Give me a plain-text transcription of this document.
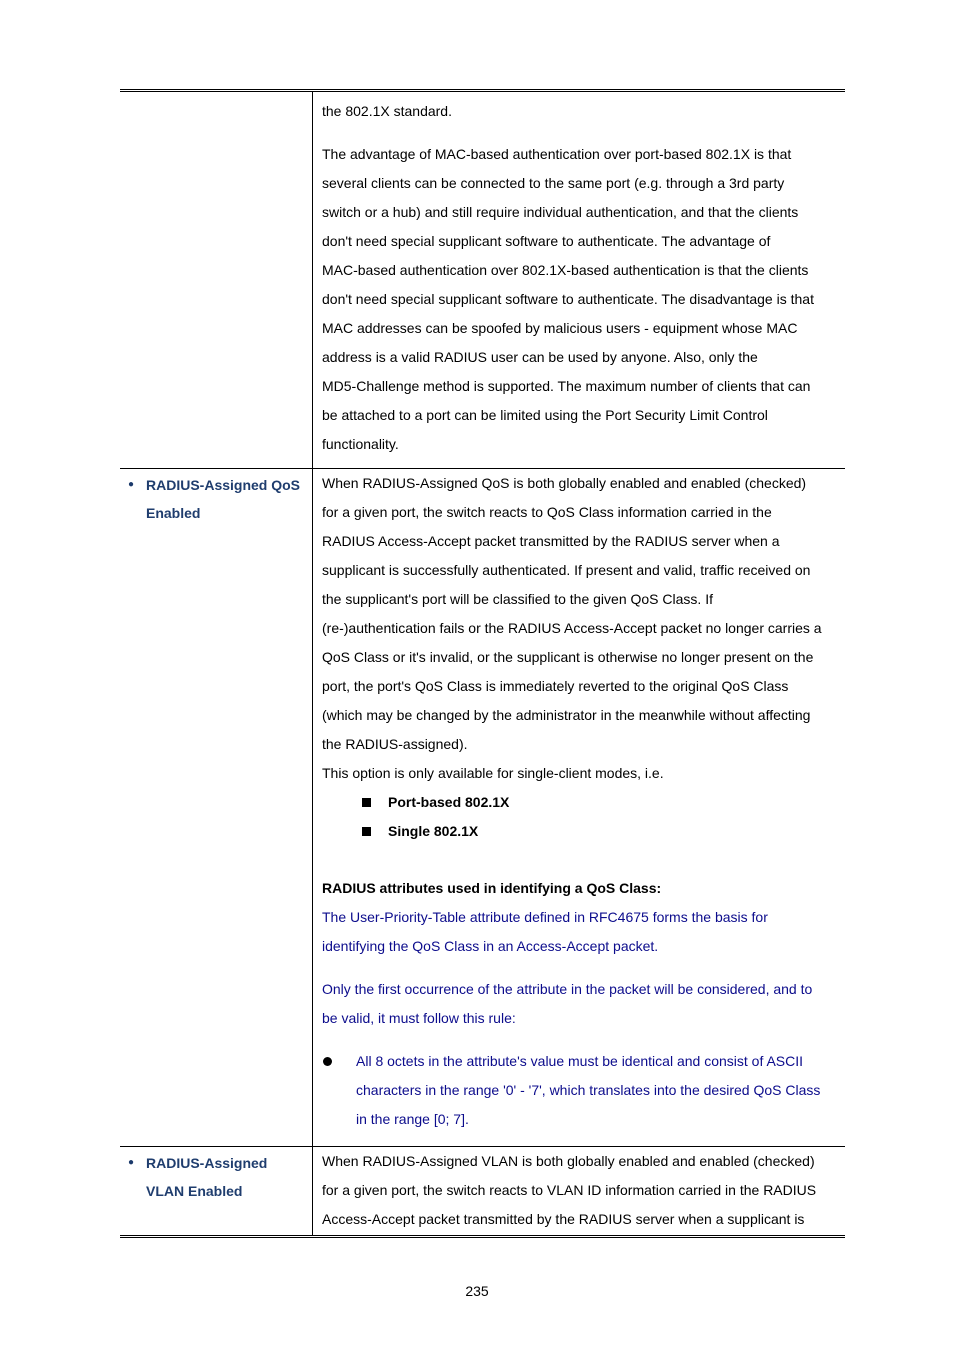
the 802.1X standard.

The advantage of MAC-based authentication over port-based 802.1X is that

several clients can be connected to the same port (e.g. through a 3rd party

switch or a hub) and still require individual authentication, and that the clients

don't need special supplicant software to authenticate. The advantage of

MAC-based authentication over 802.1X-based authentication is that the clients

don't need special supplicant software to authenticate. The disadvantage is that

MAC addresses can be spoofed by malicious users - equipment whose MAC

address is a valid RADIUS user can be used by anyone. Also, only the

MD5-Challenge method is supported. The maximum number of clients that can

be attached to a port can be limited using the Port Security Limit Control

functionality.

● RADIUS-Assigned QoS
Enabled

When RADIUS-Assigned QoS is both globally enabled and enabled (checked)

for a given port, the switch reacts to QoS Class information carried in the

RADIUS Access-Accept packet transmitted by the RADIUS server when a

supplicant is successfully authenticated. If present and valid, traffic received on

the supplicant's port will be classified to the given QoS Class. If

(re-)authentication fails or the RADIUS Access-Accept packet no longer carries a

QoS Class or it's invalid, or the supplicant is otherwise no longer present on the

port, the port's QoS Class is immediately reverted to the original QoS Class

(which may be changed by the administrator in the meanwhile without affecting

the RADIUS-assigned).

This option is only available for single-client modes, i.e.

Port-based 802.1X
Single 802.1X

RADIUS attributes used in identifying a QoS Class:

The User-Priority-Table attribute defined in RFC4675 forms the basis for

identifying the QoS Class in an Access-Accept packet.

Only the first occurrence of the attribute in the packet will be considered, and to

be valid, it must follow this rule:

All 8 octets in the attribute's value must be identical and consist of ASCII

characters in the range '0' - '7', which translates into the desired QoS Class

in the range [0; 7].

● RADIUS-Assigned
VLAN Enabled

When RADIUS-Assigned VLAN is both globally enabled and enabled (checked)

for a given port, the switch reacts to VLAN ID information carried in the RADIUS

Access-Accept packet transmitted by the RADIUS server when a supplicant is

235
